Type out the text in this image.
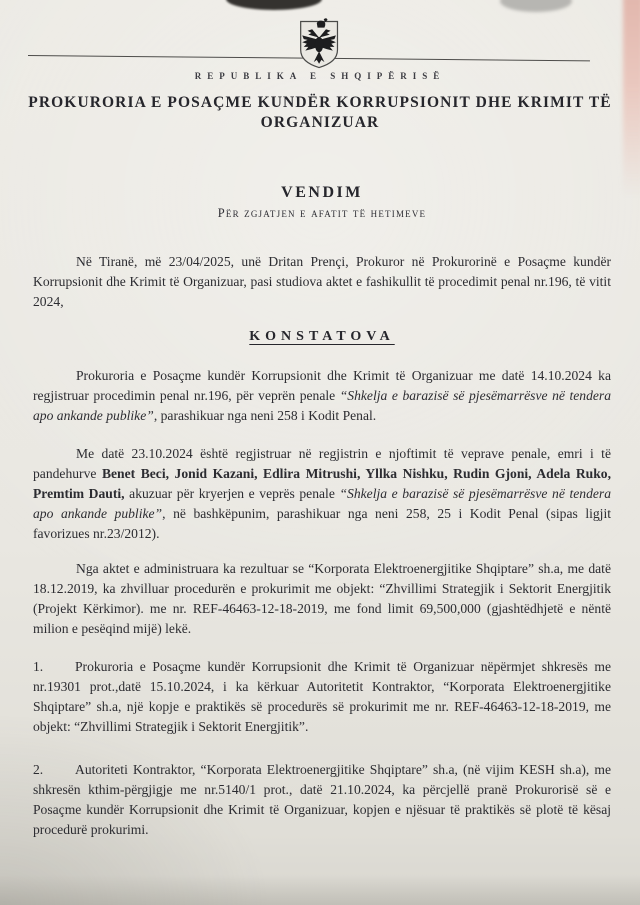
REPUBLIKA E SHQIPËRISË
PROKURORIA E POSAÇME KUNDËR KORRUPSIONIT DHE KRIMIT TË
ORGANIZUAR
VENDIM
Për zgjatjen e afatit të hetimeve

Në Tiranë, më 23/04/2025, unë Dritan Prençi, Prokuror në Prokurorinë e Posaçme kundër Korrupsionit dhe Krimit të Organizuar, pasi studiova aktet e fashikullit të procedimit penal nr.196, të vitit 2024,

KONSTATOVA

Prokuroria e Posaçme kundër Korrupsionit dhe Krimit të Organizuar me datë 14.10.2024 ka regjistruar procedimin penal nr.196, për veprën penale “Shkelja e barazisë së pjesëmarrësve në tendera apo ankande publike”, parashikuar nga neni 258 i Kodit Penal.

Me datë 23.10.2024 është regjistruar në regjistrin e njoftimit të veprave penale, emri i të pandehurve Benet Beci, Jonid Kazani, Edlira Mitrushi, Yllka Nishku, Rudin Gjoni, Adela Ruko, Premtim Dauti, akuzuar për kryerjen e veprës penale “Shkelja e barazisë së pjesëmarrësve në tendera apo ankande publike”, në bashkëpunim, parashikuar nga neni 258, 25 i Kodit Penal (sipas ligjit favorizues nr.23/2012).

Nga aktet e administruara ka rezultuar se “Korporata Elektroenergjitike Shqiptare” sh.a, me datë 18.12.2019, ka zhvilluar procedurën e prokurimit me objekt: “Zhvillimi Strategjik i Sektorit Energjitik (Projekt Kërkimor). me nr. REF-46463-12-18-2019, me fond limit 69,500,000 (gjashtëdhjetë e nëntë milion e pesëqind mijë) lekë.

1. Prokuroria e Posaçme kundër Korrupsionit dhe Krimit të Organizuar nëpërmjet shkresës me nr.19301 prot.,datë 15.10.2024, i ka kërkuar Autoritetit Kontraktor, “Korporata Elektroenergjitike Shqiptare” sh.a, një kopje e praktikës së procedurës së prokurimit me nr. REF-46463-12-18-2019, me objekt: “Zhvillimi Strategjik i Sektorit Energjitik”.

2. Autoriteti Kontraktor, “Korporata Elektroenergjitike Shqiptare” sh.a, (në vijim KESH sh.a), me shkresën kthim-përgjigje me nr.5140/1 prot., datë 21.10.2024, ka përcjellë pranë Prokurorisë së e Posaçme kundër Korrupsionit dhe Krimit të Organizuar, kopjen e njësuar të praktikës së plotë të kësaj procedurë prokurimi.
